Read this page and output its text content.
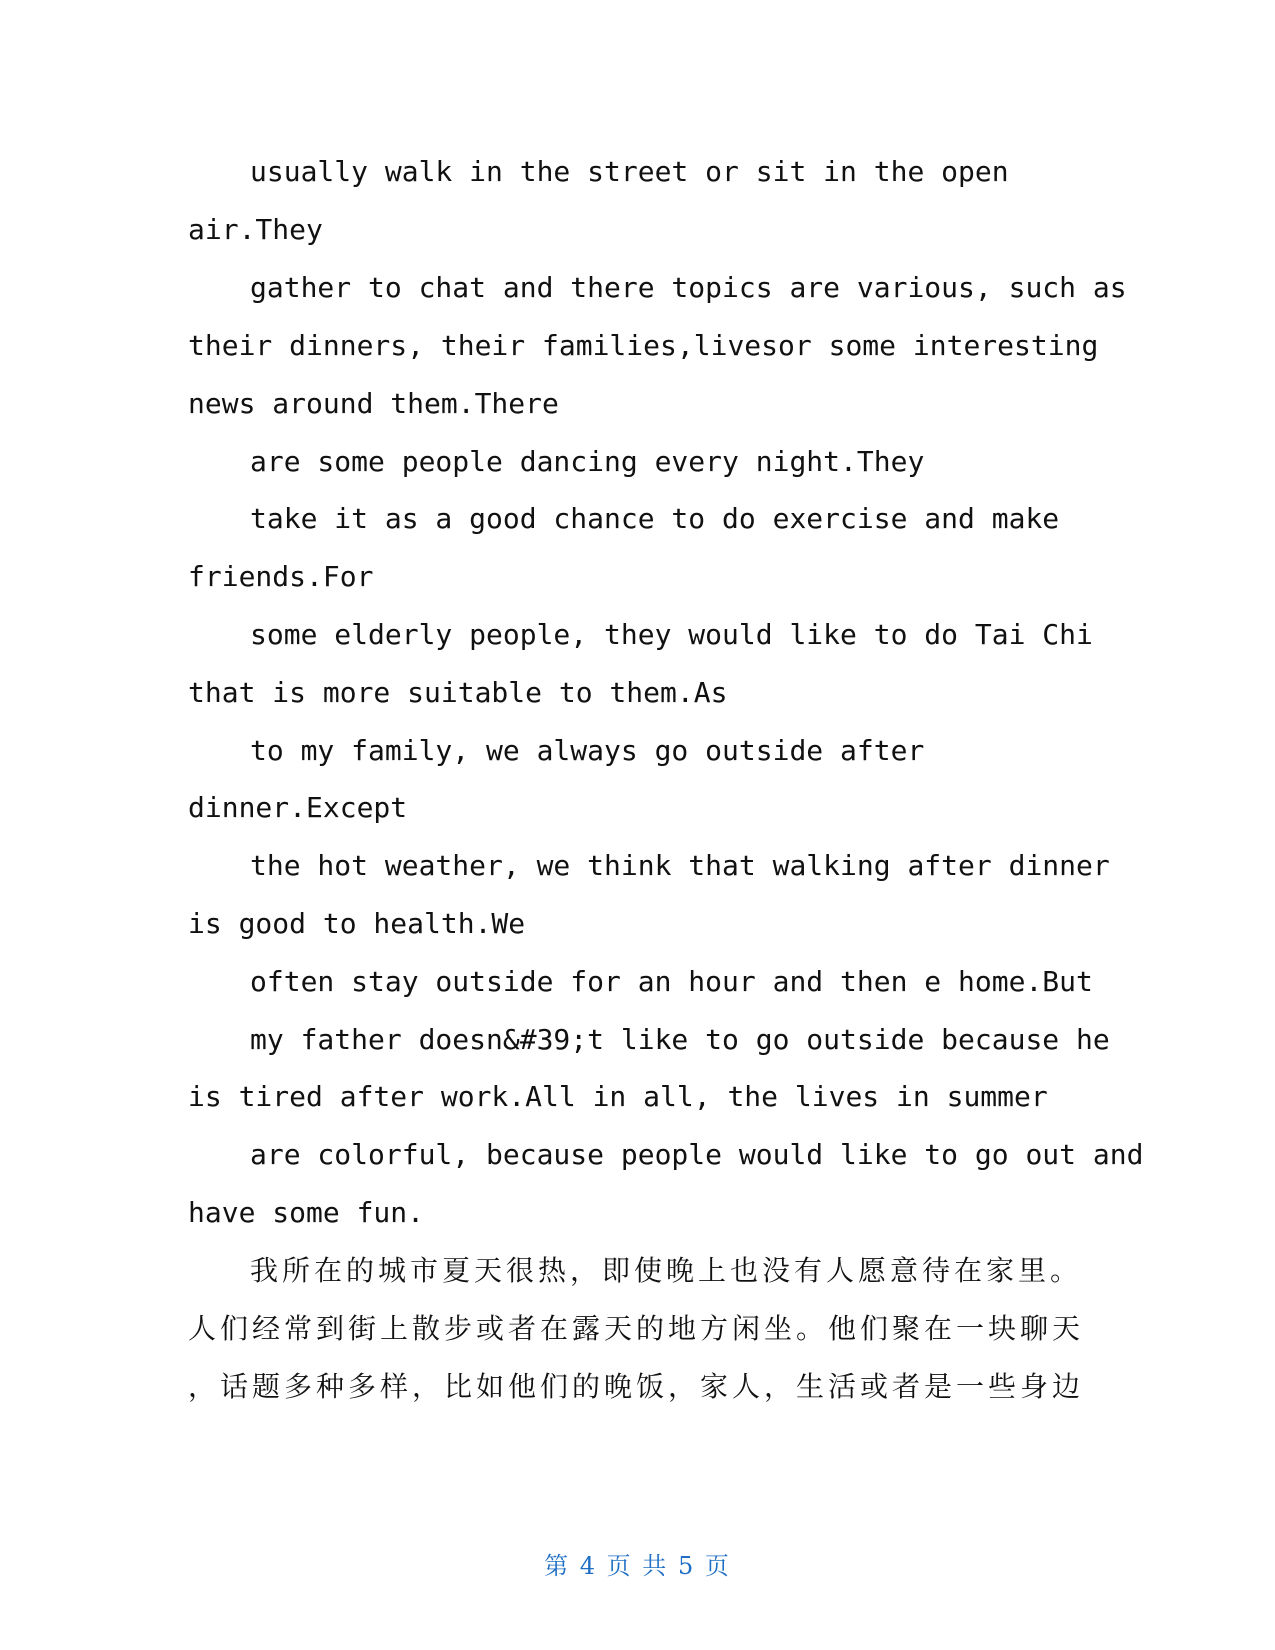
usually walk in the street or sit in the open
air.They
gather to chat and there topics are various, such as
their dinners, their families,livesor some interesting
news around them.There
are some people dancing every night.They
take it as a good chance to do exercise and make
friends.For
some elderly people, they would like to do Tai Chi
that is more suitable to them.As
to my family, we always go outside after
dinner.Except
the hot weather, we think that walking after dinner
is good to health.We
often stay outside for an hour and then e home.But
my father doesn&#39;t like to go outside because he
is tired after work.All in all, the lives in summer
are colorful, because people would like to go out and
have some fun.
我所在的城市夏天很热，即使晚上也没有人愿意待在家里。
人们经常到街上散步或者在露天的地方闲坐。他们聚在一块聊天
，话题多种多样，比如他们的晚饭，家人，生活或者是一些身边
第 4 页 共 5 页
